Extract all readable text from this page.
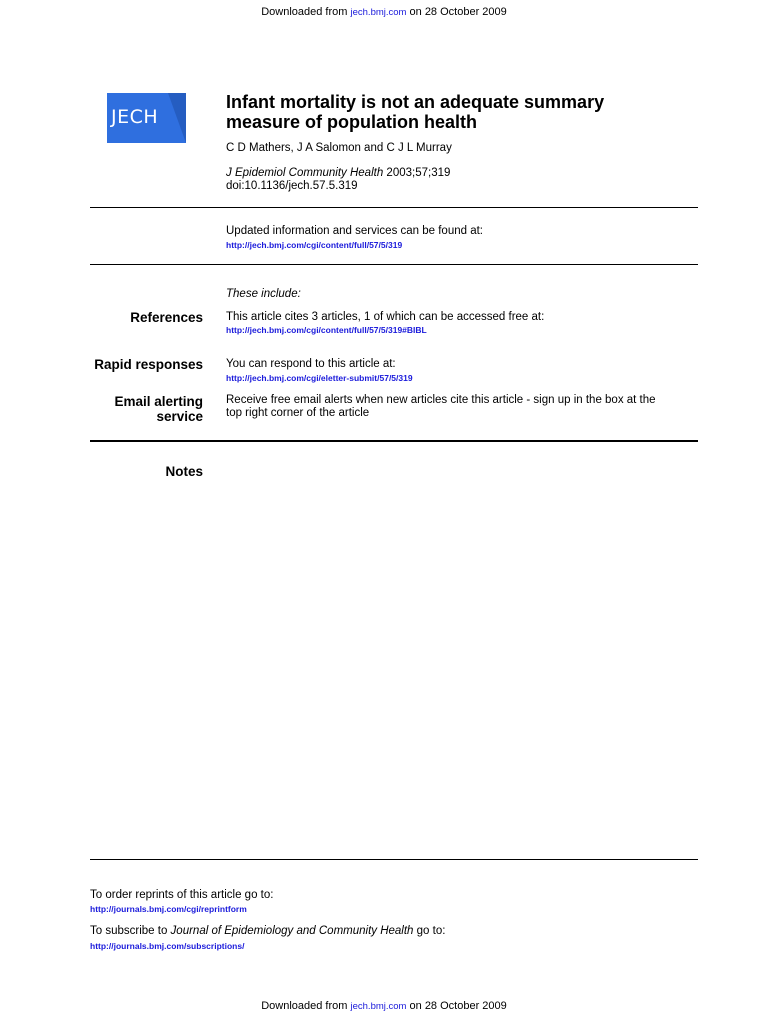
Downloaded from jech.bmj.com on 28 October 2009
JECH
Infant mortality is not an adequate summary
measure of population health
C D Mathers, J A Salomon and C J L Murray
J Epidemiol Community Health 2003;57;319
doi:10.1136/jech.57.5.319
Updated information and services can be found at:
http://jech.bmj.com/cgi/content/full/57/5/319
These include:
References This article cites 3 articles, 1 of which can be accessed free at:
http://jech.bmj.com/cgi/content/full/57/5/319#BIBL
Rapid responses You can respond to this article at:
http://jech.bmj.com/cgi/eletter-submit/57/5/319
Email alerting
service
Receive free email alerts when new articles cite this article - sign up in the box at the
top right corner of the article
Notes
To order reprints of this article go to:
http://journals.bmj.com/cgi/reprintform
To subscribe to Journal of Epidemiology and Community Health go to:
http://journals.bmj.com/subscriptions/
Downloaded from jech.bmj.com on 28 October 2009
